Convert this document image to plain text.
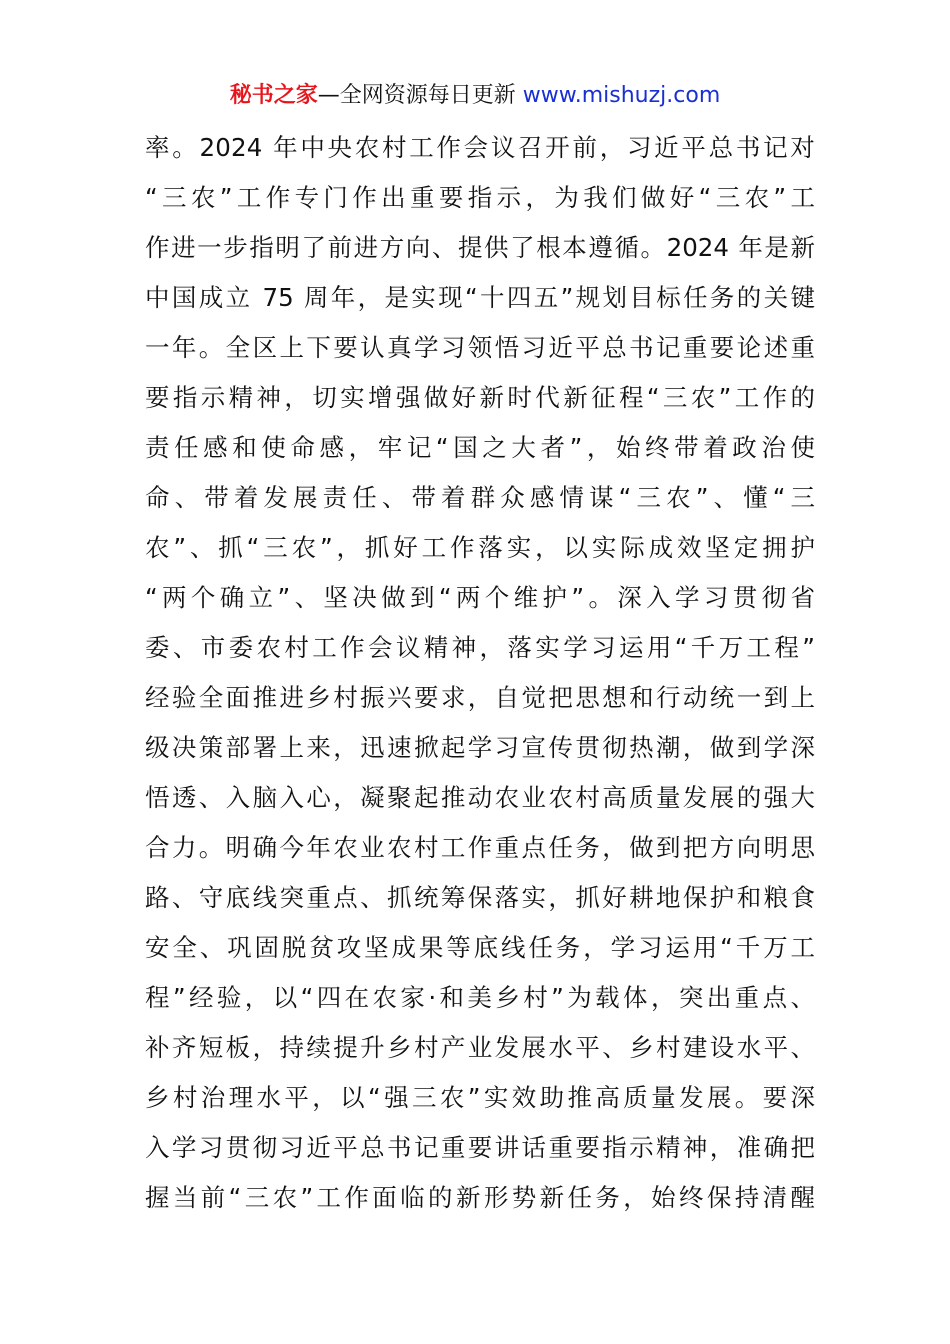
秘书之家—全网资源每日更新 www.mishuzj.com
率。2024 年中央农村工作会议召开前，习近平总书记对
“三农”工作专门作出重要指示，为我们做好“三农”工
作进一步指明了前进方向、提供了根本遵循。2024 年是新
中国成立 75 周年，是实现“十四五”规划目标任务的关键
一年。全区上下要认真学习领悟习近平总书记重要论述重
要指示精神，切实增强做好新时代新征程“三农”工作的
责任感和使命感，牢记“国之大者”，始终带着政治使
命、带着发展责任、带着群众感情谋“三农”、懂“三
农”、抓“三农”，抓好工作落实，以实际成效坚定拥护
“两个确立”、坚决做到“两个维护”。深入学习贯彻省
委、市委农村工作会议精神，落实学习运用“千万工程”
经验全面推进乡村振兴要求，自觉把思想和行动统一到上
级决策部署上来，迅速掀起学习宣传贯彻热潮，做到学深
悟透、入脑入心，凝聚起推动农业农村高质量发展的强大
合力。明确今年农业农村工作重点任务，做到把方向明思
路、守底线突重点、抓统筹保落实，抓好耕地保护和粮食
安全、巩固脱贫攻坚成果等底线任务，学习运用“千万工
程”经验，以“四在农家·和美乡村”为载体，突出重点、
补齐短板，持续提升乡村产业发展水平、乡村建设水平、
乡村治理水平，以“强三农”实效助推高质量发展。要深
入学习贯彻习近平总书记重要讲话重要指示精神，准确把
握当前“三农”工作面临的新形势新任务，始终保持清醒
